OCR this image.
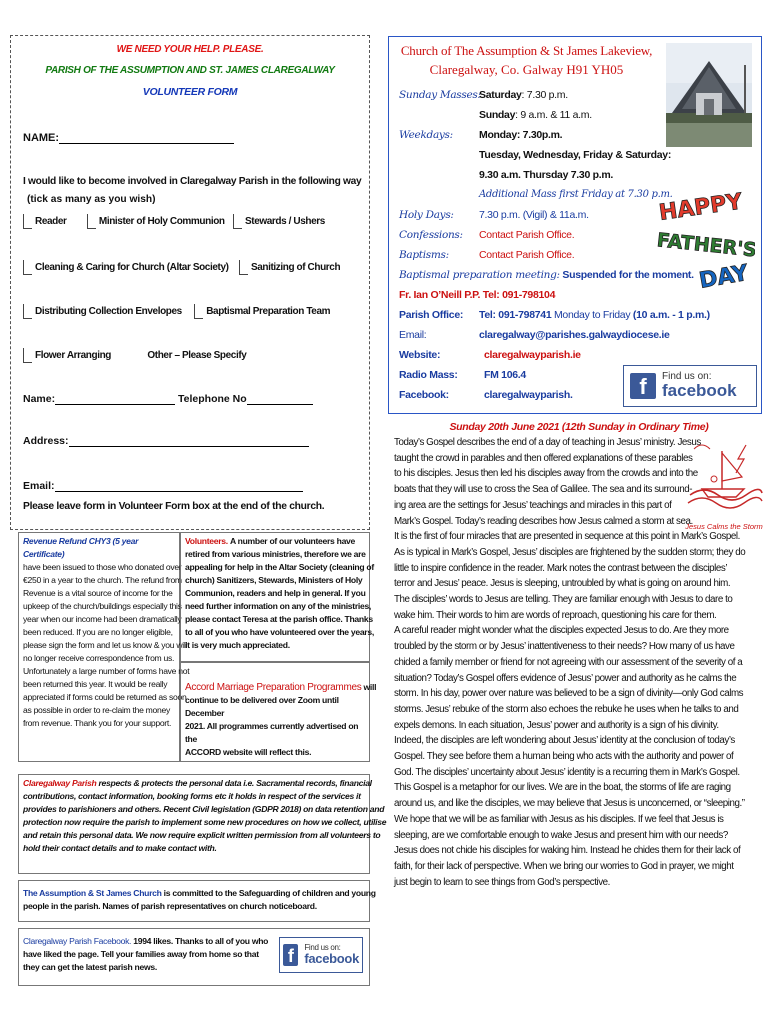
WE NEED YOUR HELP. PLEASE.
PARISH OF THE ASSUMPTION AND ST. JAMES CLAREGALWAY
VOLUNTEER FORM
NAME:
I would like to become involved in Claregalway Parish in the following way
(tick as many as you wish)
Reader	Minister of Holy Communion Stewards / Ushers
Cleaning & Caring for Church (Altar Society) Sanitizing of Church
Distributing Collection Envelopes Baptismal Preparation Team
Flower Arranging	Other – Please Specify
Name:	Telephone No
Address:
Email:
Please leave form in Volunteer Form box at the end of the church.
Revenue Refund CHY3 (5 year Certificate)
have been issued to those who donated over
€250 in a year to the church. The refund from
Revenue is a vital source of income for the
upkeep of the church/buildings especially this
year when our income had been dramatically
been reduced. If you are no longer eligible,
please sign the form and let us know & you will
no longer receive correspondence from us.
Unfortunately a large number of forms have not
been returned this year. It would be really
appreciated if forms could be returned as soon
as possible in order to re-claim the money
from revenue. Thank you for your support.
Volunteers. A number of our volunteers have
retired from various ministries, therefore we are
appealing for help in the Altar Society (cleaning of
church) Sanitizers, Stewards, Ministers of Holy
Communion, readers and help in general. If you
need further information on any of the ministries,
please contact Teresa at the parish office. Thanks
to all of you who have volunteered over the years,
it is very much appreciated.
Accord Marriage Preparation Programmes will
continue to be delivered over Zoom until December
2021. All programmes currently advertised on the
ACCORD website will reflect this.
Claregalway Parish respects & protects the personal data i.e. Sacramental records, financial
contributions, contact information, booking forms etc it holds in respect of the services it
provides to parishioners and others. Recent Civil legislation (GDPR 2018) on data retention and
protection now require the parish to implement some new procedures on how we collect, utilise
and retain this personal data. We now require explicit written permission from all volunteers to
hold their contact details and to make contact with.
The Assumption & St James Church is committed to the Safeguarding of children and young
people in the parish. Names of parish representatives on church noticeboard.
Claregalway Parish Facebook. 1994 likes. Thanks to all of you who
have liked the page. Tell your families away from home so that
they can get the latest parish news.
f	Find us on:
facebook
Church of The Assumption & St James Lakeview,
Claregalway, Co. Galway H91 YH05
Sunday Masses:
Saturday: 7.30 p.m.
Sunday: 9 a.m. & 11 a.m.
Weekdays: Monday: 7.30p.m.
Tuesday, Wednesday, Friday & Saturday:
9.30 a.m. Thursday 7.30 p.m.
Additional Mass first Friday at 7.30 p.m.
Holy Days: 7.30 p.m. (Vigil) & 11a.m.
Confessions: Contact Parish Office.
Baptisms:	Contact Parish Office.
Baptismal preparation meeting: Suspended for the moment.
Fr. Ian O’Neill P.P. Tel: 091-798104
Parish Office: Tel: 091-798741 Monday to Friday (10 a.m. - 1 p.m.)
Email:	claregalway@parishes.galwaydiocese.ie
Website:	claregalwayparish.ie
Radio Mass:	FM 106.4
Facebook:	claregalwayparish.
HAPPY
FATHER'S
DAY
f	Find us on:
facebook
Sunday 20th June 2021 (12th Sunday in Ordinary Time)
Jesus Calms the Storm
Today’s Gospel describes the end of a day of teaching in Jesus’ ministry. Jesus
taught the crowd in parables and then offered explanations of these parables
to his disciples. Jesus then led his disciples away from the crowds and into the
boats that they will use to cross the Sea of Galilee. The sea and its surround-
ing area are the settings for Jesus’ teachings and miracles in this part of
Mark’s Gospel. Today’s reading describes how Jesus calmed a storm at sea.
It is the first of four miracles that are presented in sequence at this point in Mark’s Gospel.
As is typical in Mark’s Gospel, Jesus’ disciples are frightened by the sudden storm; they do
little to inspire confidence in the reader. Mark notes the contrast between the disciples’
terror and Jesus’ peace. Jesus is sleeping, untroubled by what is going on around him.
The disciples’ words to Jesus are telling. They are familiar enough with Jesus to dare to
wake him. Their words to him are words of reproach, questioning his care for them.
A careful reader might wonder what the disciples expected Jesus to do. Are they more
troubled by the storm or by Jesus’ inattentiveness to their needs? How many of us have
chided a family member or friend for not agreeing with our assessment of the severity of a
situation? Today’s Gospel offers evidence of Jesus’ power and authority as he calms the
storm. In his day, power over nature was believed to be a sign of divinity—only God calms
storms. Jesus’ rebuke of the storm also echoes the rebuke he uses when he talks to and
expels demons. In each situation, Jesus’ power and authority is a sign of his divinity.
Indeed, the disciples are left wondering about Jesus’ identity at the conclusion of today’s
Gospel. They see before them a human being who acts with the authority and power of
God. The disciples’ uncertainty about Jesus’ identity is a recurring them in Mark’s Gospel.
This Gospel is a metaphor for our lives. We are in the boat, the storms of life are raging
around us, and like the disciples, we may believe that Jesus is unconcerned, or “sleeping.”
We hope that we will be as familiar with Jesus as his disciples. If we feel that Jesus is
sleeping, are we comfortable enough to wake Jesus and present him with our needs?
Jesus does not chide his disciples for waking him. Instead he chides them for their lack of
faith, for their lack of perspective. When we bring our worries to God in prayer, we might
just begin to learn to see things from God’s perspective.
